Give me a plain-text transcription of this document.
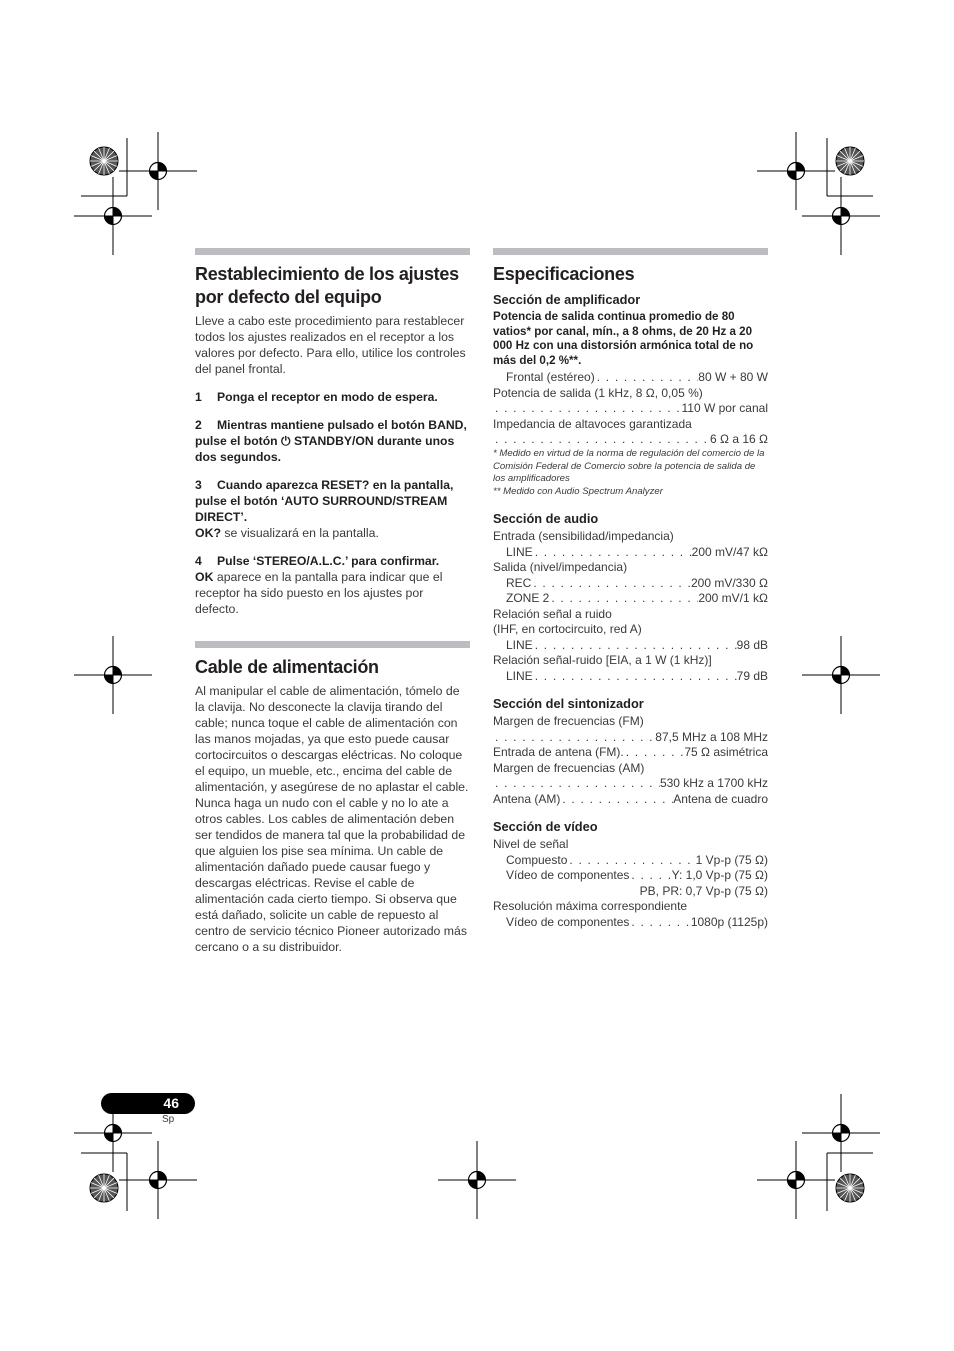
Restablecimiento de los ajustes por defecto del equipo

Lleve a cabo este procedimiento para restablecer todos los ajustes realizados en el receptor a los valores por defecto. Para ello, utilice los controles del panel frontal.

1 Ponga el receptor en modo de espera.

2 Mientras mantiene pulsado el botón BAND, pulse el botón ⏻ STANDBY/ON durante unos dos segundos.

3 Cuando aparezca RESET? en la pantalla, pulse el botón ‘AUTO SURROUND/STREAM DIRECT’.

OK? se visualizará en la pantalla.

4 Pulse ‘STEREO/A.L.C.’ para confirmar.

OK aparece en la pantalla para indicar que el receptor ha sido puesto en los ajustes por defecto.

Cable de alimentación

Al manipular el cable de alimentación, tómelo de la clavija. No desconecte la clavija tirando del cable; nunca toque el cable de alimentación con las manos mojadas, ya que esto puede causar cortocircuitos o descargas eléctricas. No coloque el equipo, un mueble, etc., encima del cable de alimentación, y asegúrese de no aplastar el cable. Nunca haga un nudo con el cable y no lo ate a otros cables. Los cables de alimentación deben ser tendidos de manera tal que la probabilidad de que alguien los pise sea mínima. Un cable de alimentación dañado puede causar fuego y descargas eléctricas. Revise el cable de alimentación cada cierto tiempo. Si observa que está dañado, solicite un cable de repuesto al centro de servicio técnico Pioneer autorizado más cercano o a su distribuidor.

Especificaciones
Sección de amplificador

Potencia de salida continua promedio de 80 vatios* por canal, mín., a 8 ohms, de 20 Hz a 20 000 Hz con una distorsión armónica total de no más del 0,2 %**.

Frontal (estéreo) . . .	80 W + 80 W
Potencia de salida (1 kHz, 8 Ω, 0,05 %)
. . .
110 W por canal
Impedancia de altavoces garantizada
. . .
6 Ω a 16 Ω

* Medido en virtud de la norma de regulación del comercio de la Comisión Federal de Comercio sobre la potencia de salida de los amplificadores

** Medido con Audio Spectrum Analyzer

Sección de audio
Entrada (sensibilidad/impedancia)
LINE . . .	200 mV/47 kΩ
Salida (nivel/impedancia)
REC . . .	200 mV/330 Ω
ZONE 2 . . .	200 mV/1 kΩ
Relación señal a ruido
(IHF, en cortocircuito, red A)
LINE . . .	98 dB
Relación señal-ruido [EIA, a 1 W (1 kHz)]
LINE . . .	79 dB
Sección del sintonizador
Margen de frecuencias (FM)
. . .
87,5 MHz a 108 MHz
Entrada de antena (FM). . . .	75 Ω asimétrica
Margen de frecuencias (AM)
. . .
530 kHz a 1700 kHz
Antena (AM) . . .	Antena de cuadro
Sección de vídeo
Nivel de señal
Compuesto . . .	1 Vp-p (75 Ω)
Vídeo de componentes . . .	Y: 1,0 Vp-p (75 Ω)
PB, PR: 0,7 Vp-p (75 Ω)
Resolución máxima correspondiente
Vídeo de componentes . . .	1080p (1125p)
46
Sp
